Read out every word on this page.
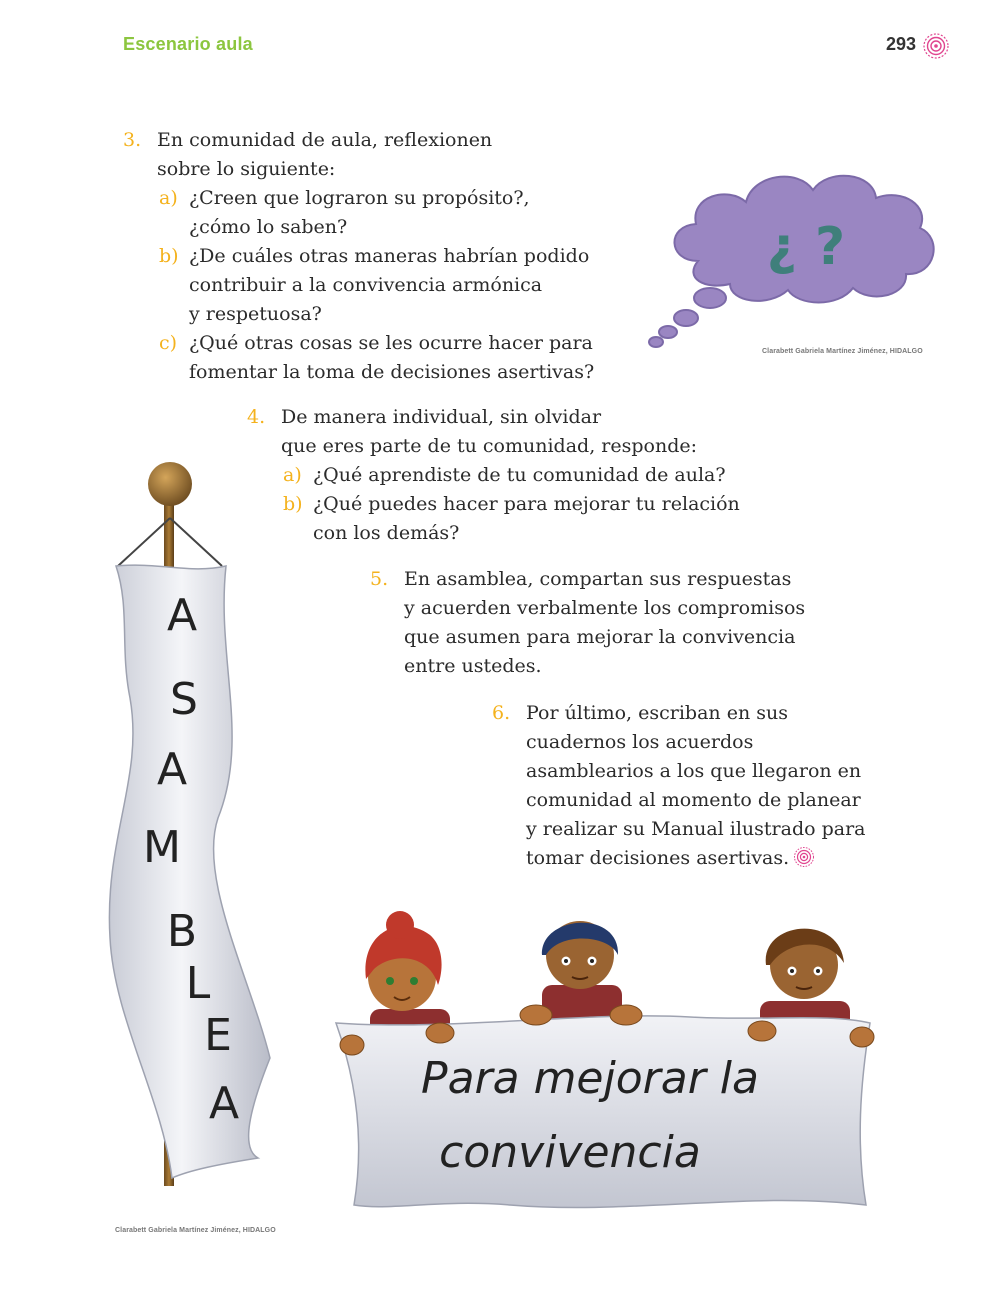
Escenario aula	293
3. En comunidad de aula, reflexionen
sobre lo siguiente:
a) ¿Creen que lograron su propósito?,
¿cómo lo saben?
b) ¿De cuáles otras maneras habrían podido
contribuir a la convivencia armónica
y respetuosa?
c) ¿Qué otras cosas se les ocurre hacer para
fomentar la toma de decisiones asertivas?
¿ ?
Clarabett Gabriela Martínez Jiménez, HIDALGO
4. De manera individual, sin olvidar
que eres parte de tu comunidad, responde:
a) ¿Qué aprendiste de tu comunidad de aula?
b) ¿Qué puedes hacer para mejorar tu relación
con los demás?
5. En asamblea, compartan sus respuestas
y acuerden verbalmente los compromisos
que asumen para mejorar la convivencia
entre ustedes.
6. Por último, escriban en sus
cuadernos los acuerdos
asamblearios a los que llegaron en
comunidad al momento de planear
y realizar su Manual ilustrado para
tomar decisiones asertivas.
A
S
A
M
B
L
E
A
Clarabett Gabriela Martínez Jiménez, HIDALGO
Para mejorar la
convivencia
